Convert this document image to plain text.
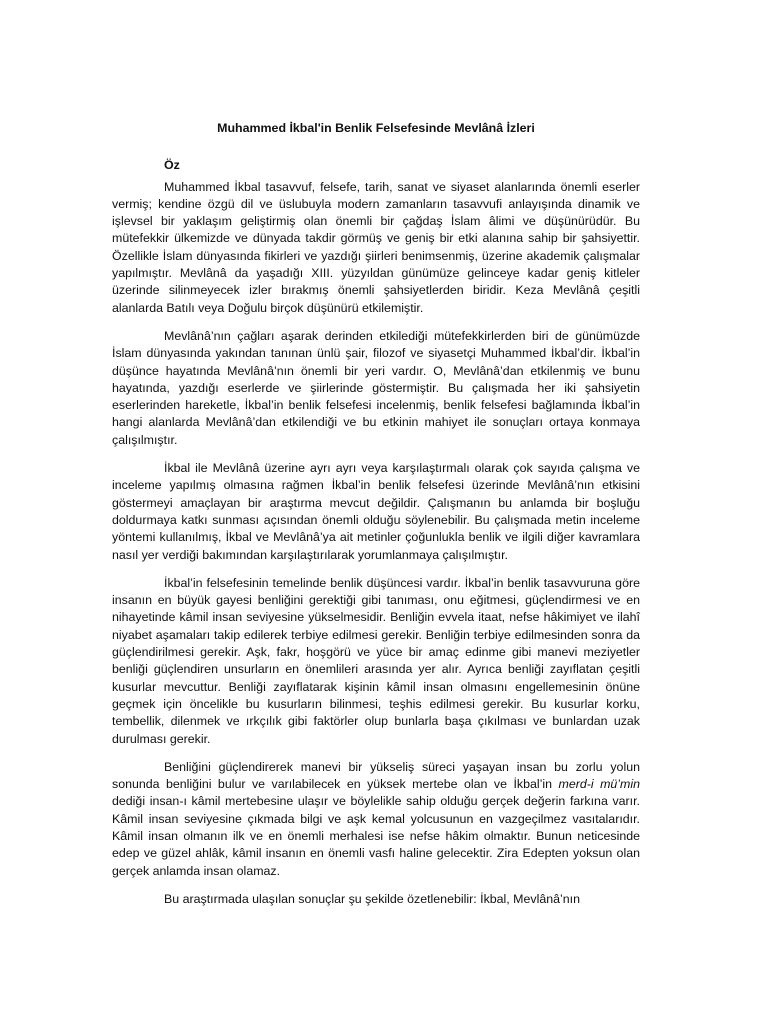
Muhammed İkbal'in Benlik Felsefesinde Mevlânâ İzleri
Öz

Muhammed İkbal tasavvuf, felsefe, tarih, sanat ve siyaset alanlarında önemli eserler vermiş; kendine özgü dil ve üslubuyla modern zamanların tasavvufi anlayışında dinamik ve işlevsel bir yaklaşım geliştirmiş olan önemli bir çağdaş İslam âlimi ve düşünürüdür. Bu mütefekkir ülkemizde ve dünyada takdir görmüş ve geniş bir etki alanına sahip bir şahsiyettir. Özellikle İslam dünyasında fikirleri ve yazdığı şiirleri benimsenmiş, üzerine akademik çalışmalar yapılmıştır. Mevlânâ da yaşadığı XIII. yüzyıldan günümüze gelinceye kadar geniş kitleler üzerinde silinmeyecek izler bırakmış önemli şahsiyetlerden biridir. Keza Mevlânâ çeşitli alanlarda Batılı veya Doğulu birçok düşünürü etkilemiştir.

Mevlânâ’nın çağları aşarak derinden etkilediği mütefekkirlerden biri de günümüzde İslam dünyasında yakından tanınan ünlü şair, filozof ve siyasetçi Muhammed İkbal’dir. İkbal’in düşünce hayatında Mevlânâ’nın önemli bir yeri vardır. O, Mevlânâ’dan etkilenmiş ve bunu hayatında, yazdığı eserlerde ve şiirlerinde göstermiştir. Bu çalışmada her iki şahsiyetin eserlerinden hareketle, İkbal’in benlik felsefesi incelenmiş, benlik felsefesi bağlamında İkbal’in hangi alanlarda Mevlânâ’dan etkilendiği ve bu etkinin mahiyet ile sonuçları ortaya konmaya çalışılmıştır.

İkbal ile Mevlânâ üzerine ayrı ayrı veya karşılaştırmalı olarak çok sayıda çalışma ve inceleme yapılmış olmasına rağmen İkbal’in benlik felsefesi üzerinde Mevlânâ’nın etkisini göstermeyi amaçlayan bir araştırma mevcut değildir. Çalışmanın bu anlamda bir boşluğu doldurmaya katkı sunması açısından önemli olduğu söylenebilir. Bu çalışmada metin inceleme yöntemi kullanılmış, İkbal ve Mevlânâ’ya ait metinler çoğunlukla benlik ve ilgili diğer kavramlara nasıl yer verdiği bakımından karşılaştırılarak yorumlanmaya çalışılmıştır.

İkbal’in felsefesinin temelinde benlik düşüncesi vardır. İkbal’in benlik tasavvuruna göre insanın en büyük gayesi benliğini gerektiği gibi tanıması, onu eğitmesi, güçlendirmesi ve en nihayetinde kâmil insan seviyesine yükselmesidir. Benliğin evvela itaat, nefse hâkimiyet ve ilahî niyabet aşamaları takip edilerek terbiye edilmesi gerekir. Benliğin terbiye edilmesinden sonra da güçlendirilmesi gerekir. Aşk, fakr, hoşgörü ve yüce bir amaç edinme gibi manevi meziyetler benliği güçlendiren unsurların en önemlileri arasında yer alır. Ayrıca benliği zayıflatan çeşitli kusurlar mevcuttur. Benliği zayıflatarak kişinin kâmil insan olmasını engellemesinin önüne geçmek için öncelikle bu kusurların bilinmesi, teşhis edilmesi gerekir. Bu kusurlar korku, tembellik, dilenmek ve ırkçılık gibi faktörler olup bunlarla başa çıkılması ve bunlardan uzak durulması gerekir.

Benliğini güçlendirerek manevi bir yükseliş süreci yaşayan insan bu zorlu yolun sonunda benliğini bulur ve varılabilecek en yüksek mertebe olan ve İkbal’in merd-i mü’min dediği insan-ı kâmil mertebesine ulaşır ve böylelikle sahip olduğu gerçek değerin farkına varır. Kâmil insan seviyesine çıkmada bilgi ve aşk kemal yolcusunun en vazgeçilmez vasıtalarıdır. Kâmil insan olmanın ilk ve en önemli merhalesi ise nefse hâkim olmaktır. Bunun neticesinde edep ve güzel ahlâk, kâmil insanın en önemli vasfı haline gelecektir. Zira Edepten yoksun olan gerçek anlamda insan olamaz.

Bu araştırmada ulaşılan sonuçlar şu şekilde özetlenebilir: İkbal, Mevlânâ’nın
